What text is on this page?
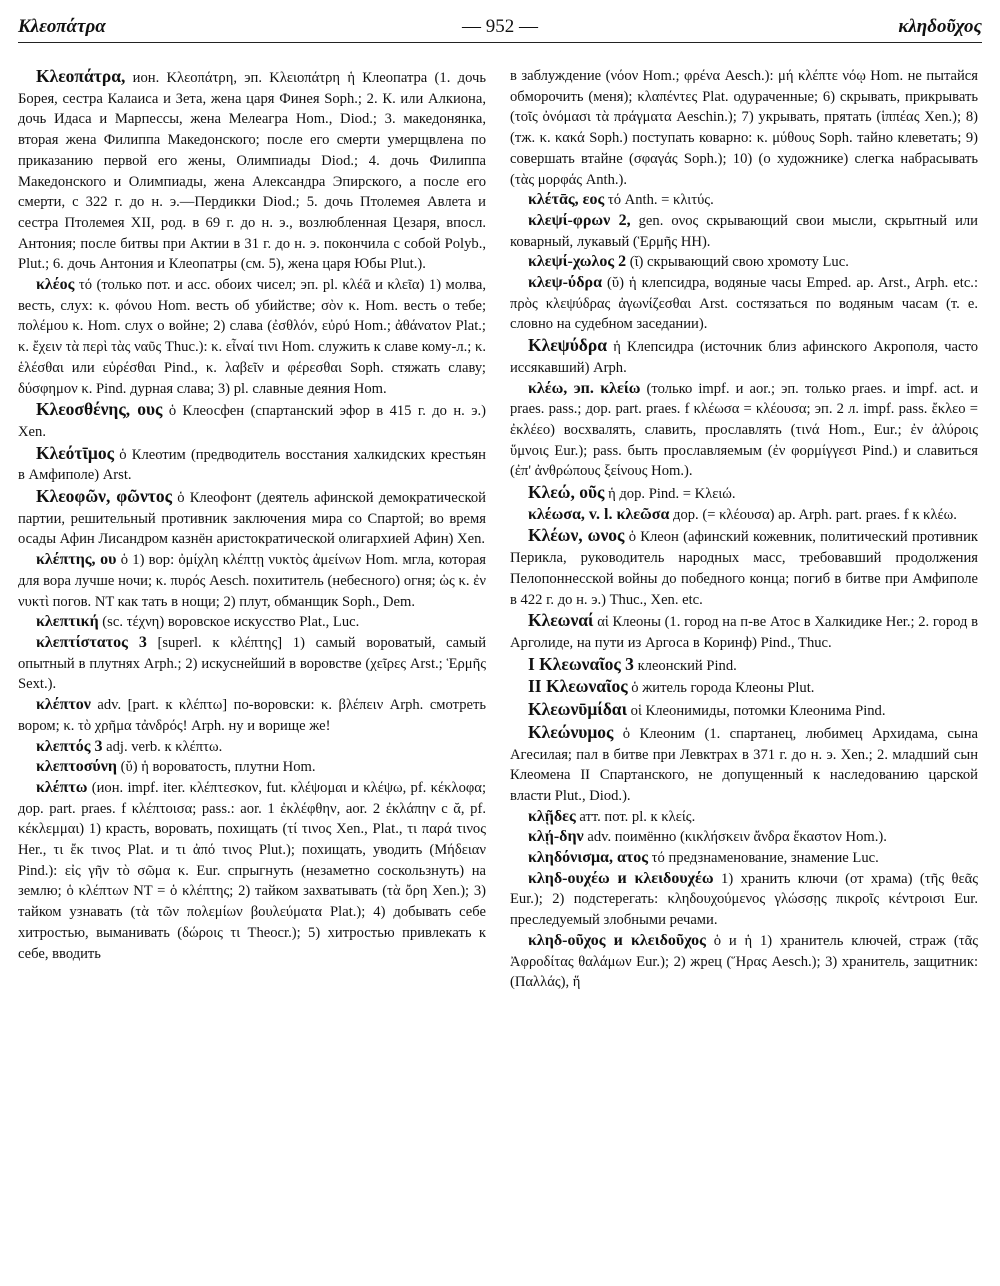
Κλεοπάτρα	— 952 —	κληδοῦχος

Κλεοπάτρα, ион. Κλεοπάτρη, эп. Κλειοπάτρη ἡ Клеопатра (1. дочь Борея, сестра Калаиса и Зета, жена царя Финея Soph.; 2. К. или Алкиона, дочь Идаса и Марпессы, жена Мелеагра Hom., Diod.; 3. македонянка, вторая жена Филиппа Македонского; после его смерти умерщвлена по приказанию первой его жены, Олимпиады Diod.; 4. дочь Филиппа Македонского и Олимпиады, жена Александра Эпирского, а после его смерти, с 322 г. до н. э.—Пердикки Diod.; 5. дочь Птолемея Авлета и сестра Птолемея XII, род. в 69 г. до н. э., возлюбленная Цезаря, впосл. Антония; после битвы при Актии в 31 г. до н. э. покончила с собой Polyb., Plut.; 6. дочь Антония и Клеопатры (см. 5), жена царя Юбы Plut.).

κλέος τό (только пот. и асс. обоих чисел; эп. pl. κλέᾱ и κλεῖα) 1) молва, весть, слух: κ. φόνου Hom. весть об убийстве; σὸν κ. Hom. весть о тебе; πολέμου κ. Hom. слух о войне; 2) слава (ἐσθλόν, εὐρύ Hom.; ἀθάνατον Plat.; κ. ἔχειν τὰ περὶ τὰς ναῦς Thuc.): κ. εἶναί τινι Hom. служить к славе кому-л.; κ. ἑλέσθαι или εὑρέσθαι Pind., κ. λαβεῖν и φέρεσθαι Soph. стяжать славу; δύσφημον κ. Pind. дурная слава; 3) pl. славные деяния Hom.

Κλεοσθένης, ους ὁ Клеосфен (спартанский эфор в 415 г. до н. э.) Xen.

Κλεότῑμος ὁ Клеотим (предводитель восстания халкидских крестьян в Амфиполе) Arst.

Κλεοφῶν, φῶντος ὁ Клеофонт (деятель афинской демократической партии, решительный противник заключения мира со Спартой; во время осады Афин Лисандром казнён аристократической олигархией Афин) Xen.

κλέπτης, ου ὁ 1) вор: ὀμίχλη κλέπτῃ νυκτὸς ἀμείνων Hom. мгла, которая для вора лучше ночи; κ. πυρός Aesch. похититель (небесного) огня; ὡς κ. ἐν νυκτὶ погов. NT как тать в нощи; 2) плут, обманщик Soph., Dem.

κλεπτική (sc. τέχνη) воровское искусство Plat., Luc.

κλεπτίστατος 3 [superl. к κλέπτης] 1) самый вороватый, самый опытный в плутнях Arph.; 2) искуснейший в воровстве (χεῖρες Arst.; Ἑρμῆς Sext.).

κλέπτον adv. [part. к κλέπτω] по-воровски: κ. βλέπειν Arph. смотреть вором; κ. τὸ χρῆμα τἀνδρός! Arph. ну и ворище же!

κλεπτός 3 adj. verb. к κλέπτω.

κλεπτοσύνη (ῠ) ἡ вороватость, плутни Hom.

κλέπτω (ион. impf. iter. κλέπτεσκον, fut. κλέψομαι и κλέψω, pf. κέκλοφα; дор. part. praes. f κλέπτοισα; pass.: aor. 1 ἐκλέφθην, aor. 2 ἐκλάπην с ᾰ, pf. κέκλεμμαι) 1) красть, воровать, похищать (τί τινος Xen., Plat., τι παρά τινος Her., τι ἔκ τινος Plat. и τι ἀπό τινος Plut.); похищать, уводить (Μήδειαν Pind.): εἰς γῆν τὸ σῶμα κ. Eur. спрыгнуть (незаметно соскользнуть) на землю; ὁ κλέπτων NT = ὁ κλέπτης; 2) тайком захватывать (τὰ ὄρη Xen.); 3) тайком узнавать (τὰ τῶν πολεμίων βουλεύματα Plat.); 4) добывать себе хитростью, выманивать (δώροις τι Theocr.); 5) хитростью привлекать к себе, вводить

в заблуждение (νόον Hom.; φρένα Aesch.): μή κλέπτε νόῳ Hom. не пытайся обморочить (меня); κλαπέντες Plat. одураченные; 6) скрывать, прикрывать (τοῖς ὀνόμασι τὰ πράγματα Aeschin.); 7) укрывать, прятать (ἱππέας Xen.); 8) (тж. κ. κακά Soph.) поступать коварно: κ. μύθους Soph. тайно клеветать; 9) совершать втайне (σφαγάς Soph.); 10) (о художнике) слегка набрасывать (τὰς μορφάς Anth.).

κλέτᾱς, εος τό Anth. = κλιτύς.

κλεψί-φρων 2, gen. ονος скрывающий свои мысли, скрытный или коварный, лукавый (Ἑρμῆς HH).

κλεψί-χωλος 2 (ῐ) скрывающий свою хромоту Luc.

κλεψ-ύδρα (ῠ) ἡ клепсидра, водяные часы Emped. ap. Arst., Arph. etc.: πρὸς κλεψύδρας ἀγωνίζεσθαι Arst. состязаться по водяным часам (т. е. словно на судебном заседании).

Κλεψύδρα ἡ Клепсидра (источник близ афинского Акрополя, часто иссякавший) Arph.

κλέω, эп. κλείω (только impf. и aor.; эп. только praes. и impf. act. и praes. pass.; дор. part. praes. f κλέωσα = κλέουσα; эп. 2 л. impf. pass. ἔκλεο = ἐκλέεο) восхвалять, славить, прославлять (τινά Hom., Eur.; ἐν ἀλύροις ὕμνοις Eur.); pass. быть прославляемым (ἐν φορμίγγεσι Pind.) и славиться (ἐπ' ἀνθρώπους ξείνους Hom.).

Κλεώ, οῦς ἡ дор. Pind. = Κλειώ.

κλέωσα, v. l. κλεῶσα дор. (= κλέουσα) ap. Arph. part. praes. f к κλέω.

Κλέων, ωνος ὁ Клеон (афинский кожевник, политический противник Перикла, руководитель народных масс, требовавший продолжения Пелопоннесской войны до победного конца; погиб в битве при Амфиполе в 422 г. до н. э.) Thuc., Xen. etc.

Κλεωναί αἱ Клеоны (1. город на п-ве Атос в Халкидике Her.; 2. город в Арголиде, на пути из Аргоса в Коринф) Pind., Thuc.

I Κλεωναῖος 3 клеонский Pind.

II Κλεωναῖος ὁ житель города Клеоны Plut.

Κλεωνῡμίδαι οἱ Клеонимиды, потомки Клеонима Pind.

Κλεώνυμος ὁ Клеоним (1. спартанец, любимец Архидама, сына Агесилая; пал в битве при Левктрах в 371 г. до н. э. Xen.; 2. младший сын Клеомена II Спартанского, не допущенный к наследованию царской власти Plut., Diod.).

κλῇδες атт. пот. pl. к κλείς.

κλῄ-δην adv. поимённо (κικλήσκειν ἄνδρα ἕκαστον Hom.).

κληδόνισμα, ατος τό предзнаменование, знамение Luc.

κληδ-ουχέω и κλειδουχέω 1) хранить ключи (от храма) (τῆς θεᾶς Eur.); 2) подстерегать: κληδουχούμενος γλώσσῃς πικροῖς κέντροισι Eur. преследуемый злобными речами.

κληδ-οῦχος и κλειδοῦχος ὁ и ἡ 1) хранитель ключей, страж (τᾶς Ἀφροδίτας θαλάμων Eur.); 2) жрец (Ἥρας Aesch.); 3) хранитель, защитник: (Παλλάς), ἥ
